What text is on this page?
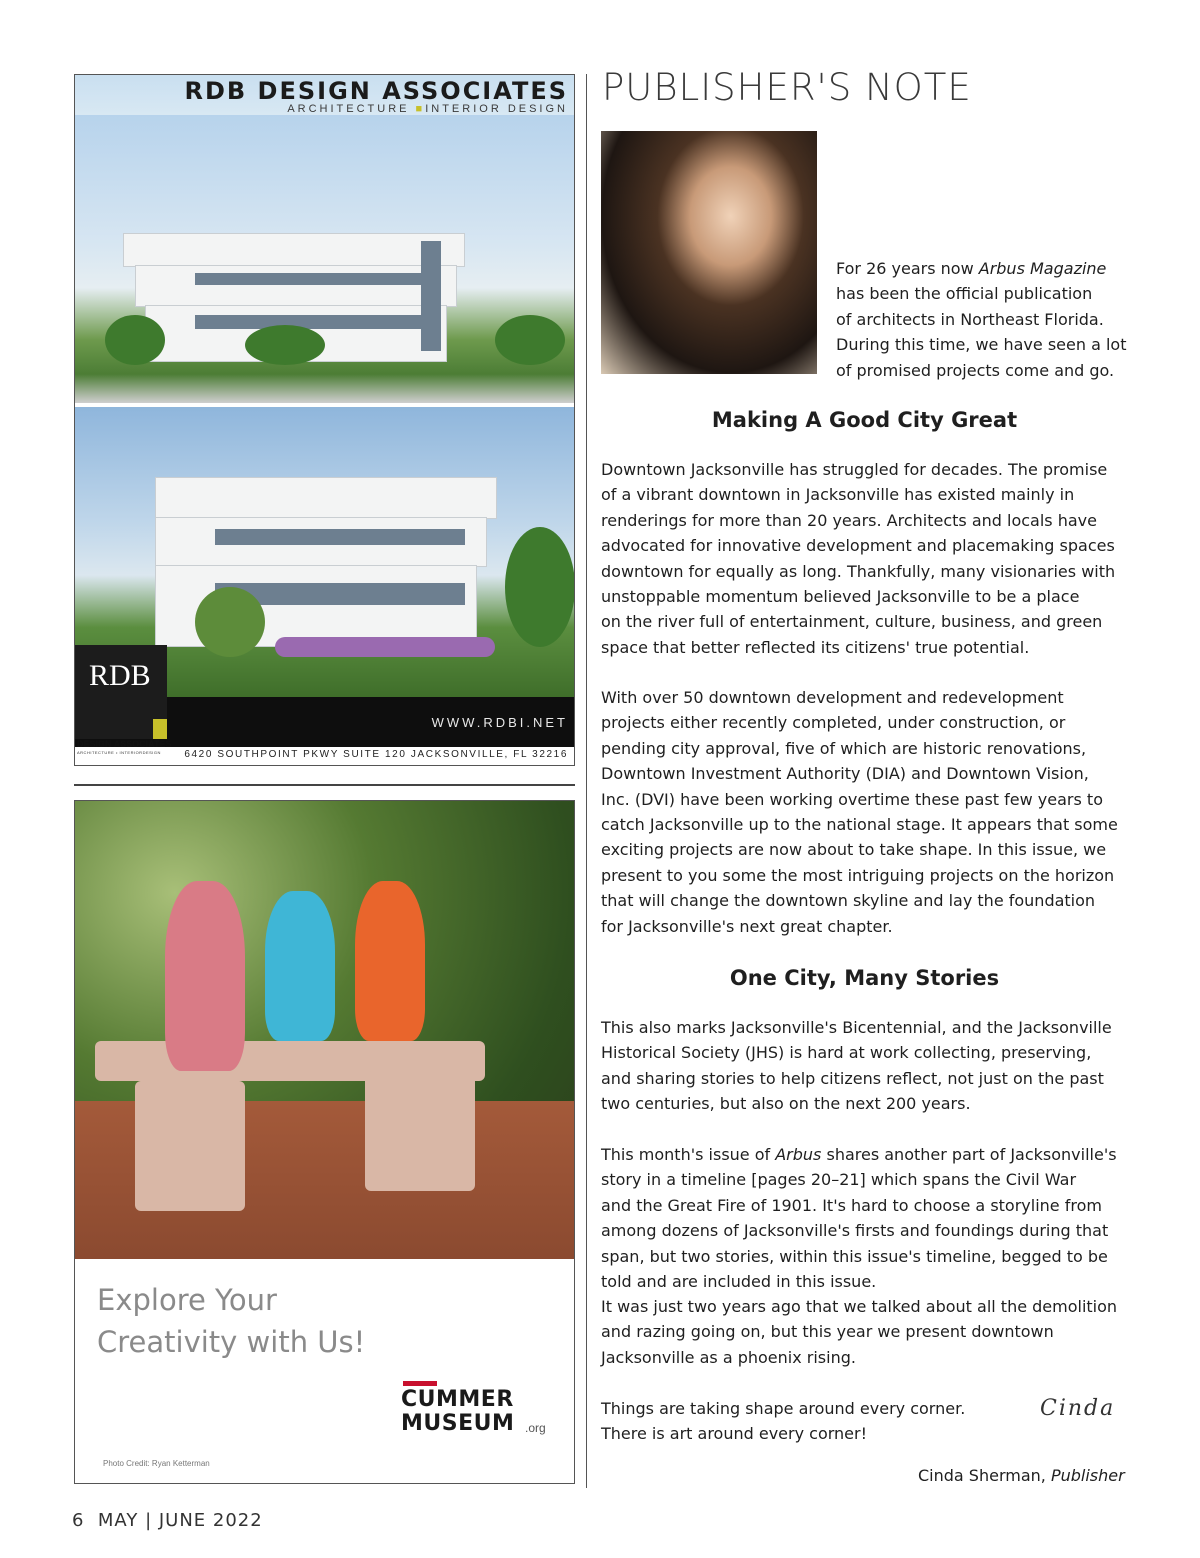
RDB DESIGN ASSOCIATES
ARCHITECTURE ■INTERIOR DESIGN
WWW.RDBI.NET
RDB
DESIGN ASSOCIATES
ARCHITECTURE • INTERIORDESIGN 6420 SOUTHPOINT PKWY SUITE 120 JACKSONVILLE, FL 32216
Explore Your
Creativity with Us!
CUMMER
MUSEUM .org
Photo Credit: Ryan Ketterman
PUBLISHER'S NOTE
For 26 years now Arbus Magazine
has been the official publication
of architects in Northeast Florida.
During this time, we have seen a lot
of promised projects come and go.
Making A Good City Great
Downtown Jacksonville has struggled for decades. The promise
of a vibrant downtown in Jacksonville has existed mainly in
renderings for more than 20 years. Architects and locals have
advocated for innovative development and placemaking spaces
downtown for equally as long. Thankfully, many visionaries with
unstoppable momentum believed Jacksonville to be a place
on the river full of entertainment, culture, business, and green
space that better reflected its citizens' true potential.
With over 50 downtown development and redevelopment
projects either recently completed, under construction, or
pending city approval, five of which are historic renovations,
Downtown Investment Authority (DIA) and Downtown Vision,
Inc. (DVI) have been working overtime these past few years to
catch Jacksonville up to the national stage. It appears that some
exciting projects are now about to take shape. In this issue, we
present to you some the most intriguing projects on the horizon
that will change the downtown skyline and lay the foundation
for Jacksonville's next great chapter.
One City, Many Stories
This also marks Jacksonville's Bicentennial, and the Jacksonville
Historical Society (JHS) is hard at work collecting, preserving,
and sharing stories to help citizens reflect, not just on the past
two centuries, but also on the next 200 years.
This month's issue of Arbus shares another part of Jacksonville's
story in a timeline [pages 20–21] which spans the Civil War
and the Great Fire of 1901. It's hard to choose a storyline from
among dozens of Jacksonville's firsts and foundings during that
span, but two stories, within this issue's timeline, begged to be
told and are included in this issue.
It was just two years ago that we talked about all the demolition
and razing going on, but this year we present downtown
Jacksonville as a phoenix rising.
Things are taking shape around every corner.
There is art around every corner!
Cinda
Cinda Sherman, Publisher
6 MAY | JUNE 2022
